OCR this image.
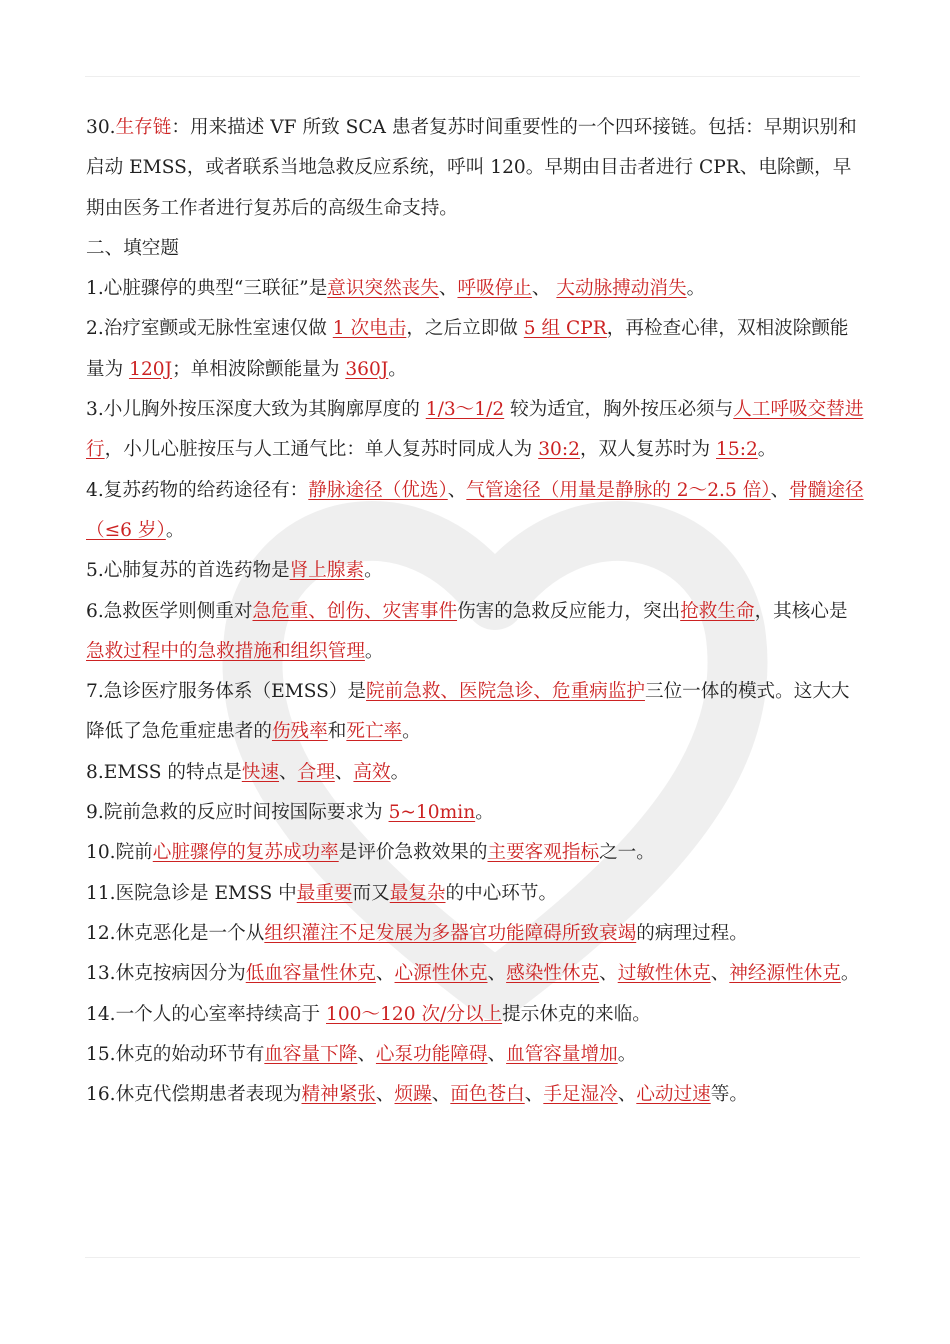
30.生存链：用来描述 VF 所致 SCA 患者复苏时间重要性的一个四环接链。包括：早期识别和启动 EMSS，或者联系当地急救反应系统，呼叫 120。早期由目击者进行 CPR、电除颤，早期由医务工作者进行复苏后的高级生命支持。

二、填空题

1.心脏骤停的典型“三联征”是意识突然丧失、呼吸停止、 大动脉搏动消失。

2.治疗室颤或无脉性室速仅做 1 次电击，之后立即做 5 组 CPR，再检查心律，双相波除颤能量为 120J；单相波除颤能量为 360J。

3.小儿胸外按压深度大致为其胸廓厚度的 1/3～1/2 较为适宜，胸外按压必须与人工呼吸交替进行，小儿心脏按压与人工通气比：单人复苏时同成人为 30:2，双人复苏时为 15:2。

4.复苏药物的给药途径有：静脉途径（优选）、气管途径（用量是静脉的 2～2.5 倍）、骨髓途径（≤6 岁）。

5.心肺复苏的首选药物是肾上腺素。

6.急救医学则侧重对急危重、创伤、灾害事件伤害的急救反应能力，突出抢救生命，其核心是急救过程中的急救措施和组织管理。

7.急诊医疗服务体系（EMSS）是院前急救、医院急诊、危重病监护三位一体的模式。这大大降低了急危重症患者的伤残率和死亡率。

8.EMSS 的特点是快速、合理、高效。

9.院前急救的反应时间按国际要求为 5~10min。

10.院前心脏骤停的复苏成功率是评价急救效果的主要客观指标之一。

11.医院急诊是 EMSS 中最重要而又最复杂的中心环节。

12.休克恶化是一个从组织灌注不足发展为多器官功能障碍所致衰竭的病理过程。

13.休克按病因分为低血容量性休克、心源性休克、感染性休克、过敏性休克、神经源性休克。

14.一个人的心室率持续高于 100～120 次/分以上提示休克的来临。

15.休克的始动环节有血容量下降、心泵功能障碍、血管容量增加。

16.休克代偿期患者表现为精神紧张、烦躁、面色苍白、手足湿冷、心动过速等。
